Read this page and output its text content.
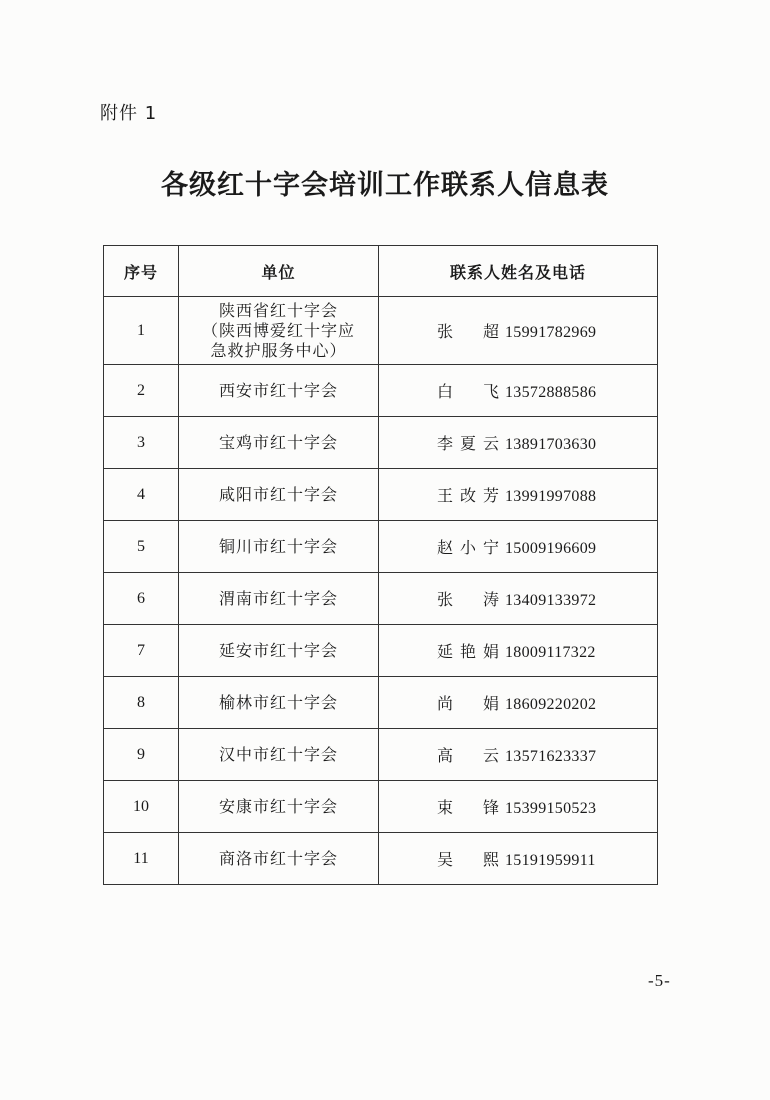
附件 1
各级红十字会培训工作联系人信息表
序号	单位	联系人姓名及电话
1	陕西省红十字会
（陕西博爱红十字应
急救护服务中心）	张 超 15991782969
2	西安市红十字会	白 飞 13572888586
3	宝鸡市红十字会	李夏云 13891703630
4	咸阳市红十字会	王改芳 13991997088
5	铜川市红十字会	赵小宁 15009196609
6	渭南市红十字会	张 涛 13409133972
7	延安市红十字会	延艳娟 18009117322
8	榆林市红十字会	尚 娟 18609220202
9	汉中市红十字会	高 云 13571623337
10	安康市红十字会	束 锋 15399150523
11	商洛市红十字会	吴 熙 15191959911
-5-
